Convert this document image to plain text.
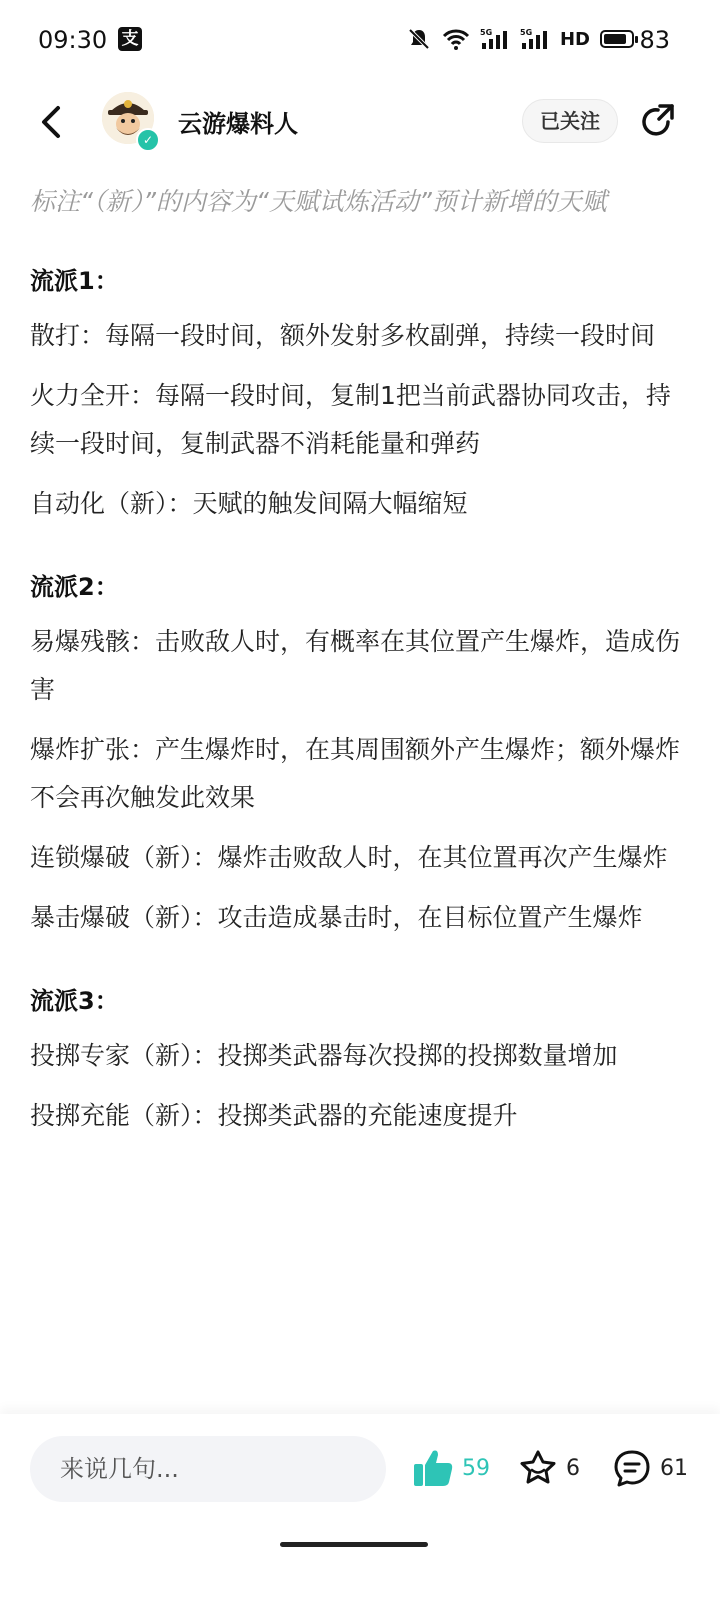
09:30 支	5G	5G HD 83
✓
云游爆料人	已关注

标注“（新）”的内容为“天赋试炼活动”预计新增的天赋

流派1：

散打：每隔一段时间，额外发射多枚副弹，持续一段时间

火力全开：每隔一段时间，复制1把当前武器协同攻击，持续一段时间，复制武器不消耗能量和弹药

自动化（新）：天赋的触发间隔大幅缩短

流派2：

易爆残骸：击败敌人时，有概率在其位置产生爆炸，造成伤害

爆炸扩张：产生爆炸时，在其周围额外产生爆炸；额外爆炸不会再次触发此效果

连锁爆破（新）：爆炸击败敌人时，在其位置再次产生爆炸

暴击爆破（新）：攻击造成暴击时，在目标位置产生爆炸

流派3：

投掷专家（新）：投掷类武器每次投掷的投掷数量增加

投掷充能（新）：投掷类武器的充能速度提升

来说几句...	59	6	61
